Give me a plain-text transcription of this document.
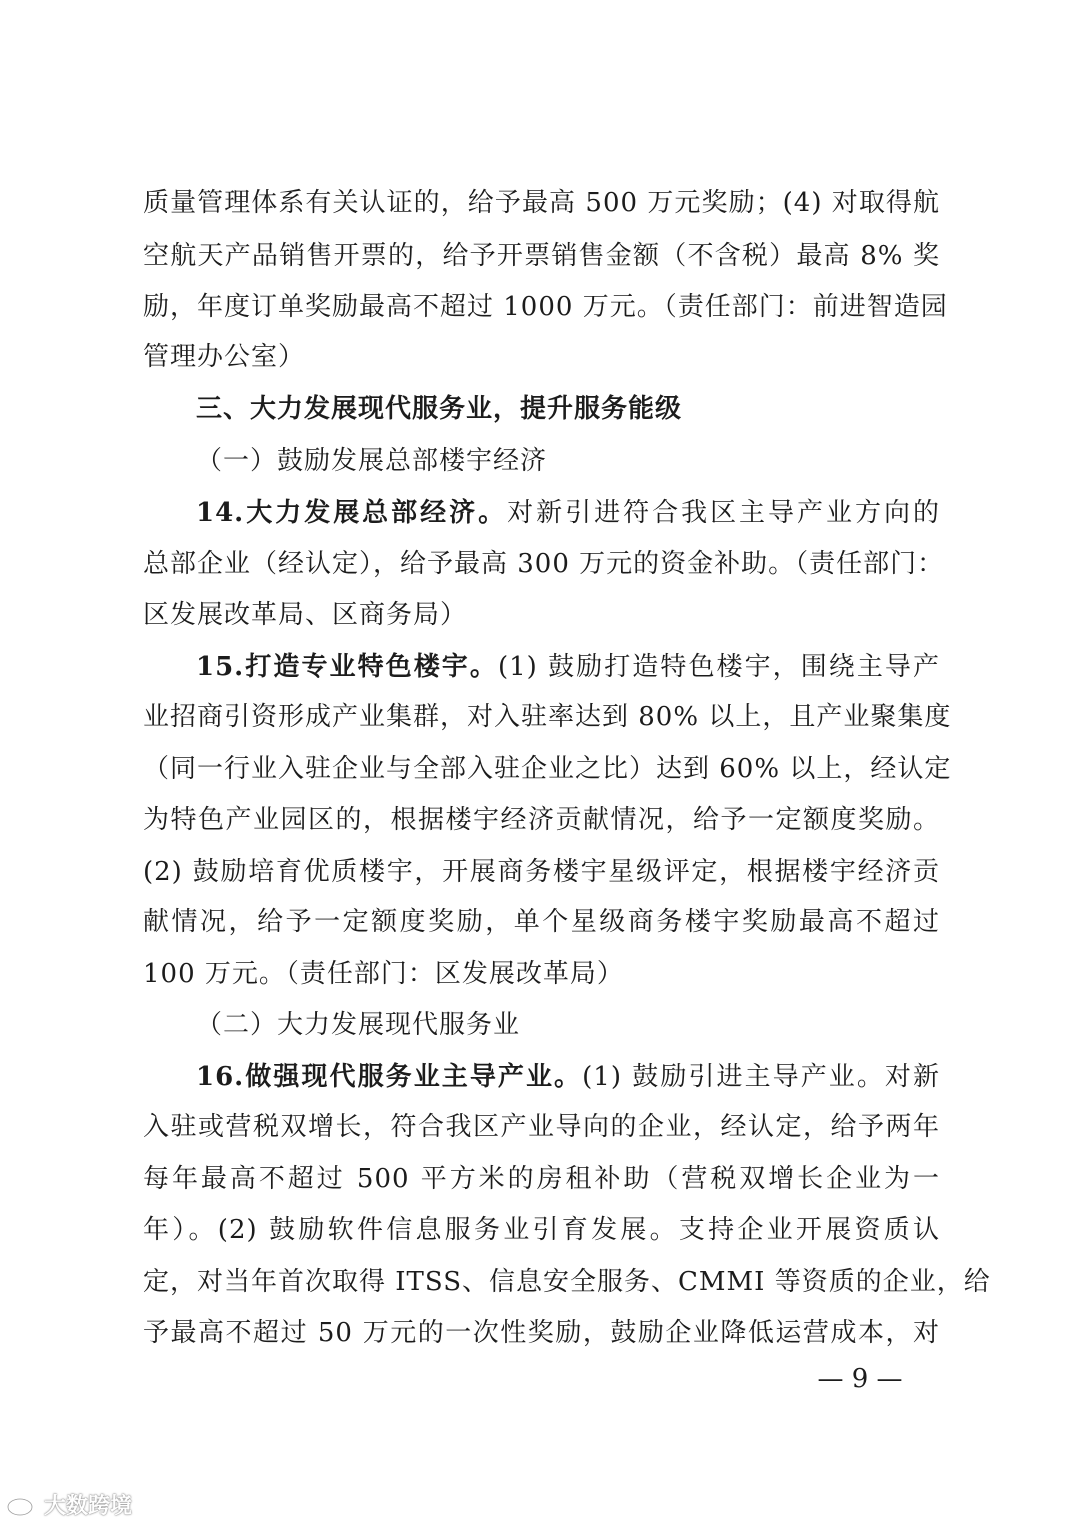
质量管理体系有关认证的，给予最高 500 万元奖励；(4) 对取得航
空航天产品销售开票的，给予开票销售金额（不含税）最高 8% 奖
励，年度订单奖励最高不超过 1000 万元。（责任部门：前进智造园
管理办公室）
三、大力发展现代服务业，提升服务能级
（一）鼓励发展总部楼宇经济
14.大力发展总部经济。对新引进符合我区主导产业方向的
总部企业（经认定），给予最高 300 万元的资金补助。（责任部门：
区发展改革局、区商务局）
15.打造专业特色楼宇。(1) 鼓励打造特色楼宇，围绕主导产
业招商引资形成产业集群，对入驻率达到 80% 以上，且产业聚集度
（同一行业入驻企业与全部入驻企业之比）达到 60% 以上，经认定
为特色产业园区的，根据楼宇经济贡献情况，给予一定额度奖励。
(2) 鼓励培育优质楼宇，开展商务楼宇星级评定，根据楼宇经济贡
献情况，给予一定额度奖励，单个星级商务楼宇奖励最高不超过
100 万元。（责任部门：区发展改革局）
（二）大力发展现代服务业
16.做强现代服务业主导产业。(1) 鼓励引进主导产业。对新
入驻或营税双增长，符合我区产业导向的企业，经认定，给予两年
每年最高不超过 500 平方米的房租补助（营税双增长企业为一
年）。(2) 鼓励软件信息服务业引育发展。支持企业开展资质认
定，对当年首次取得 ITSS、信息安全服务、CMMI 等资质的企业，给
予最高不超过 50 万元的一次性奖励，鼓励企业降低运营成本，对
— 9 —
大数跨境
